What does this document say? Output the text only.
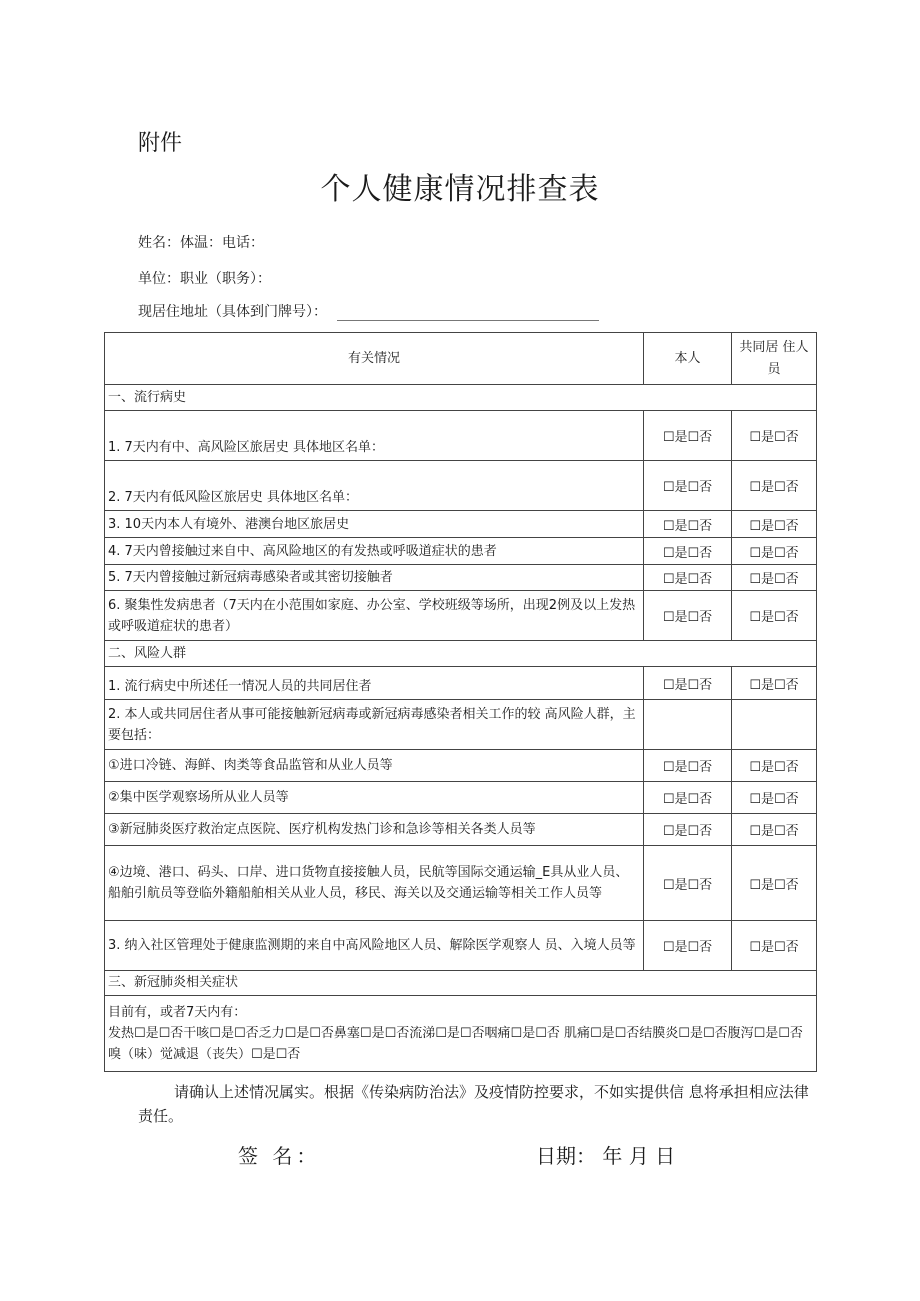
附件
个人健康情况排查表
姓名：体温：电话：
单位：职业（职务）：
现居住地址（具体到门牌号）：
有关情况	本人	共同居 住人员
一、流行病史		
1. 7天内有中、高风险区旅居史 具体地区名单：	☐是☐否	☐是☐否
2. 7天内有低风险区旅居史 具体地区名单：	☐是☐否	☐是☐否
3. 10天内本人有境外、港澳台地区旅居史	☐是☐否	☐是☐否
4. 7天内曾接触过来自中、高风险地区的有发热或呼吸道症状的患者	☐是☐否	☐是☐否
5. 7天内曾接触过新冠病毒感染者或其密切接触者	☐是☐否	☐是☐否
6. 聚集性发病患者（7天内在小范围如家庭、办公室、学校班级等场所，出现2例及以上发热或呼吸道症状的患者）	☐是☐否	☐是☐否
二、风险人群		
1. 流行病史中所述任一情况人员的共同居住者	☐是☐否	☐是☐否
2. 本人或共同居住者从事可能接触新冠病毒或新冠病毒感染者相关工作的较 高风险人群，主要包括：		
①进口冷链、海鲜、肉类等食品监管和从业人员等	☐是☐否	☐是☐否
②集中医学观察场所从业人员等	☐是☐否	☐是☐否
③新冠肺炎医疗救治定点医院、医疗机构发热门诊和急诊等相关各类人员等	☐是☐否	☐是☐否
④边境、港口、码头、口岸、进口货物直接接触人员，民航等国际交通运输_E具从业人员、船舶引航员等登临外籍船舶相关从业人员，移民、海关以及交通运输等相关工作人员等	☐是☐否	☐是☐否
3. 纳入社区管理处于健康监测期的来自中高风险地区人员、解除医学观察人 员、入境人员等	☐是☐否	☐是☐否
三、新冠肺炎相关症状		

目前有，或者7天内有：
发热☐是☐否干咳☐是☐否乏力☐是☐否鼻塞☐是☐否流涕☐是☐否咽痛☐是☐否 肌痛☐是☐否结膜炎☐是☐否腹泻☐是☐否嗅（味）觉减退（丧失）☐是☐否		

请确认上述情况属实。根据《传染病防治法》及疫情防控要求，不如实提供信 息将承担相应法律责任。

签 名：	日期： 年 月 日
